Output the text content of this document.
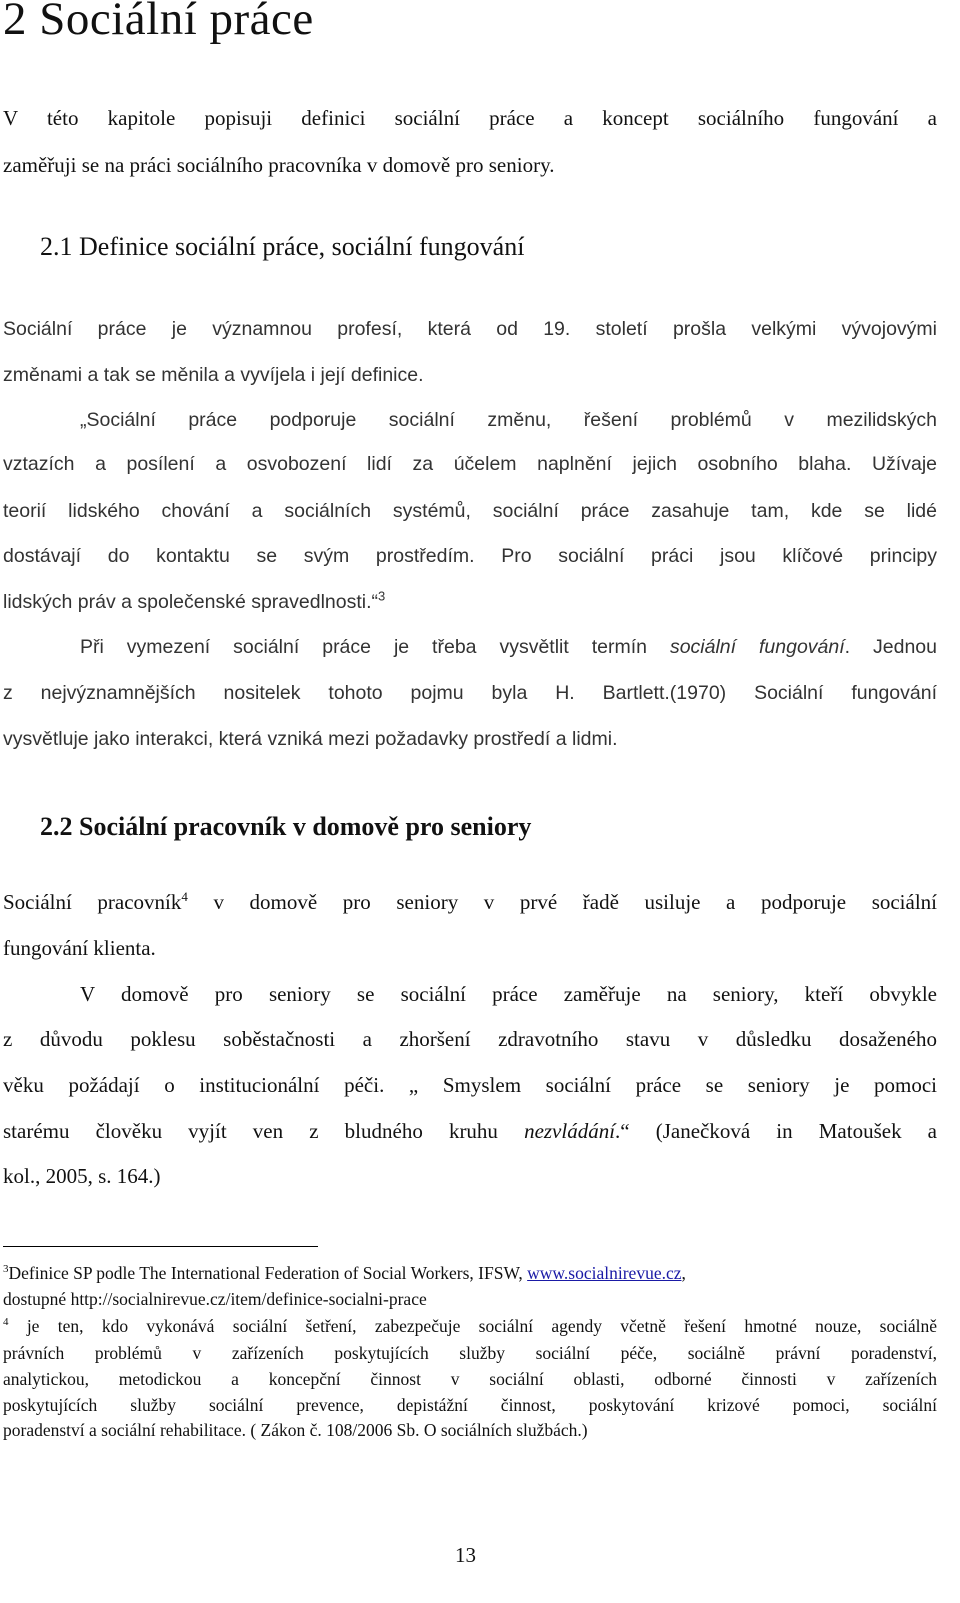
2 Sociální práce
V této kapitole popisuji definici sociální práce a koncept sociálního fungování a
zaměřuji se na práci sociálního pracovníka v domově pro seniory.
2.1 Definice sociální práce, sociální fungování
Sociální práce je významnou profesí, která od 19. století prošla velkými vývojovými
změnami a tak se měnila a vyvíjela i její definice.
„Sociální práce podporuje sociální změnu, řešení problémů v mezilidských
vztazích a posílení a osvobození lidí za účelem naplnění jejich osobního blaha. Užívaje
teorií lidského chování a sociálních systémů, sociální práce zasahuje tam, kde se lidé
dostávají do kontaktu se svým prostředím. Pro sociální práci jsou klíčové principy
lidských práv a společenské spravedlnosti.“$^3$
Při vymezení sociální práce je třeba vysvětlit termín sociální fungování. Jednou
z nejvýznamnějších nositelek tohoto pojmu byla H. Bartlett.(1970) Sociální fungování
vysvětluje jako interakci, která vzniká mezi požadavky prostředí a lidmi.
2.2 Sociální pracovník v domově pro seniory
Sociální pracovník$^4$ v domově pro seniory v prvé řadě usiluje a podporuje sociální
fungování klienta.
V domově pro seniory se sociální práce zaměřuje na seniory, kteří obvykle
z důvodu poklesu soběstačnosti a zhoršení zdravotního stavu v důsledku dosaženého
věku požádají o institucionální péči. „ Smyslem sociální práce se seniory je pomoci
starému člověku vyjít ven z bludného kruhu nezvládání.“ (Janečková in Matoušek a
kol., 2005, s. 164.)
$^3$Definice SP podle The International Federation of Social Workers, IFSW, www.socialnirevue.cz,
dostupné http://socialnirevue.cz/item/definice-socialni-prace
$^4$ je ten, kdo vykonává sociální šetření, zabezpečuje sociální agendy včetně řešení hmotné nouze, sociálně
právních problémů v zařízeních poskytujících služby sociální péče, sociálně právní poradenství,
analytickou, metodickou a koncepční činnost v sociální oblasti, odborné činnosti v zařízeních
poskytujících služby sociální prevence, depistážní činnost, poskytování krizové pomoci, sociální
poradenství a sociální rehabilitace. ( Zákon č. 108/2006 Sb. O sociálních službách.)
13
